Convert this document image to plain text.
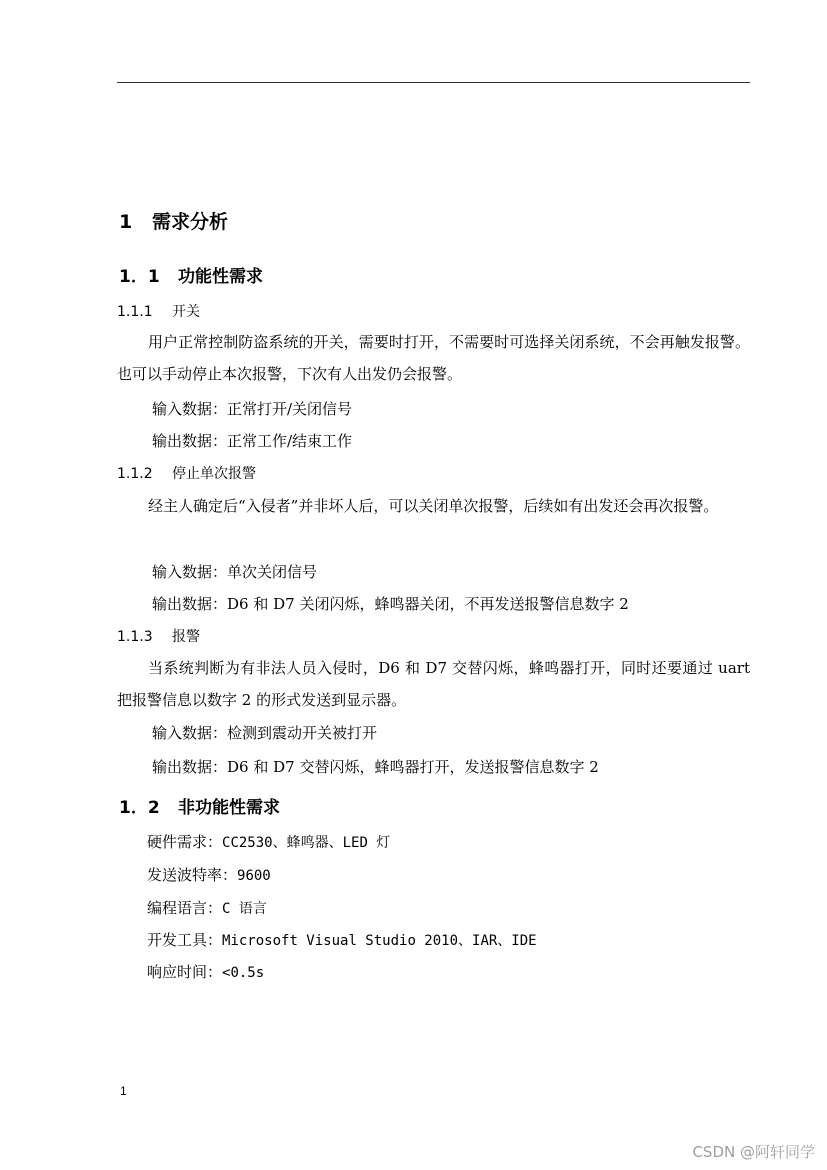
1 需求分析
1．1 功能性需求
1.1.1 开关
用户正常控制防盗系统的开关，需要时打开，不需要时可选择关闭系统，不会再触发报警。也可以手动停止本次报警，下次有人出发仍会报警。
输入数据：正常打开/关闭信号
输出数据：正常工作/结束工作
1.1.2 停止单次报警
经主人确定后“入侵者”并非坏人后，可以关闭单次报警，后续如有出发还会再次报警。
输入数据：单次关闭信号
输出数据：D6 和 D7 关闭闪烁，蜂鸣器关闭，不再发送报警信息数字 2
1.1.3 报警
当系统判断为有非法人员入侵时，D6 和 D7 交替闪烁，蜂鸣器打开，同时还要通过 uart 把报警信息以数字 2 的形式发送到显示器。
输入数据：检测到震动开关被打开
输出数据：D6 和 D7 交替闪烁，蜂鸣器打开，发送报警信息数字 2
1．2 非功能性需求
硬件需求：CC2530、蜂鸣器、LED 灯
发送波特率：9600
编程语言：C 语言
开发工具：Microsoft Visual Studio 2010、IAR、IDE
响应时间：<0.5s
1
CSDN @阿轩同学
